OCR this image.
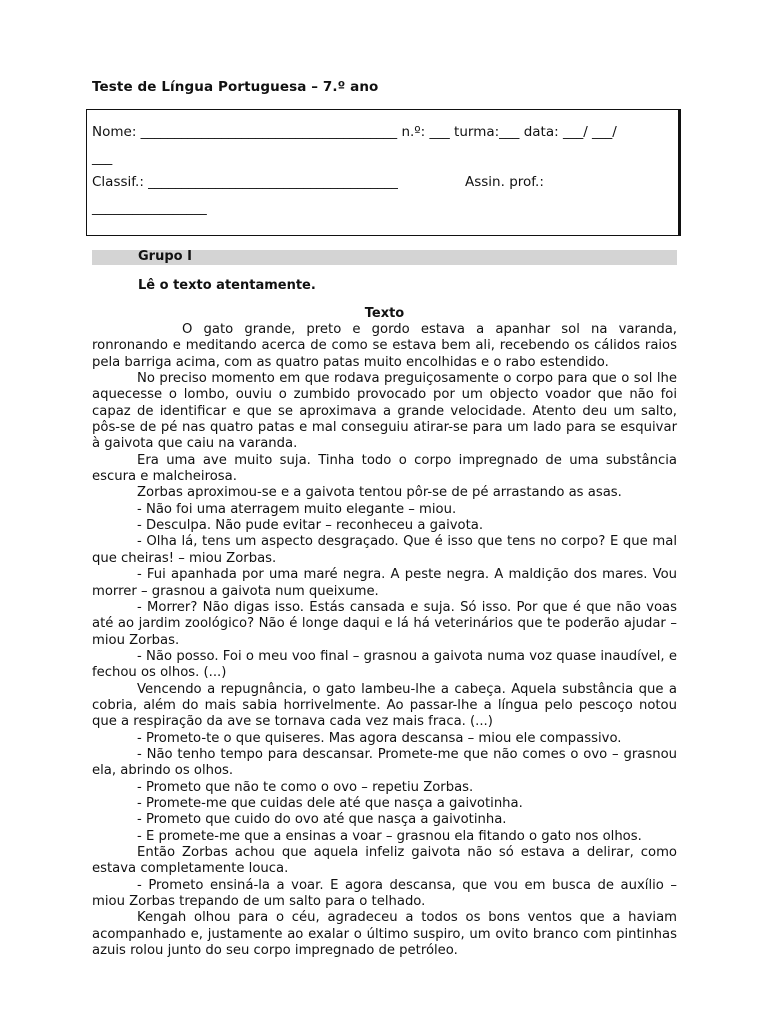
Teste de Língua Portuguesa – 7.º ano
Nome: ______________________________________ n.º: ___ turma:___ data: ___/ ___/
___
Classif.: _____________________________________	Assin. prof.:
_________________
Grupo I
Lê o texto atentamente.
Texto

O gato grande, preto e gordo estava a apanhar sol na varanda, ronronando e meditando acerca de como se estava bem ali, recebendo os cálidos raios pela barriga acima, com as quatro patas muito encolhidas e o rabo estendido.

No preciso momento em que rodava preguiçosamente o corpo para que o sol lhe aquecesse o lombo, ouviu o zumbido provocado por um objecto voador que não foi capaz de identificar e que se aproximava a grande velocidade. Atento deu um salto, pôs-se de pé nas quatro patas e mal conseguiu atirar-se para um lado para se esquivar à gaivota que caiu na varanda.

Era uma ave muito suja. Tinha todo o corpo impregnado de uma substância escura e malcheirosa.

Zorbas aproximou-se e a gaivota tentou pôr-se de pé arrastando as asas.

- Não foi uma aterragem muito elegante – miou.

- Desculpa. Não pude evitar – reconheceu a gaivota.

- Olha lá, tens um aspecto desgraçado. Que é isso que tens no corpo? E que mal que cheiras! – miou Zorbas.

- Fui apanhada por uma maré negra. A peste negra. A maldição dos mares. Vou morrer – grasnou a gaivota num queixume.

- Morrer? Não digas isso. Estás cansada e suja. Só isso. Por que é que não voas até ao jardim zoológico? Não é longe daqui e lá há veterinários que te poderão ajudar – miou Zorbas.

- Não posso. Foi o meu voo final – grasnou a gaivota numa voz quase inaudível, e fechou os olhos. (...)

Vencendo a repugnância, o gato lambeu-lhe a cabeça. Aquela substância que a cobria, além do mais sabia horrivelmente. Ao passar-lhe a língua pelo pescoço notou que a respiração da ave se tornava cada vez mais fraca. (...)

- Prometo-te o que quiseres. Mas agora descansa – miou ele compassivo.

- Não tenho tempo para descansar. Promete-me que não comes o ovo – grasnou ela, abrindo os olhos.

- Prometo que não te como o ovo – repetiu Zorbas.

- Promete-me que cuidas dele até que nasça a gaivotinha.

- Prometo que cuido do ovo até que nasça a gaivotinha.

- E promete-me que a ensinas a voar – grasnou ela fitando o gato nos olhos.

Então Zorbas achou que aquela infeliz gaivota não só estava a delirar, como estava completamente louca.

- Prometo ensiná-la a voar. E agora descansa, que vou em busca de auxílio – miou Zorbas trepando de um salto para o telhado.

Kengah olhou para o céu, agradeceu a todos os bons ventos que a haviam acompanhado e, justamente ao exalar o último suspiro, um ovito branco com pintinhas azuis rolou junto do seu corpo impregnado de petróleo.
